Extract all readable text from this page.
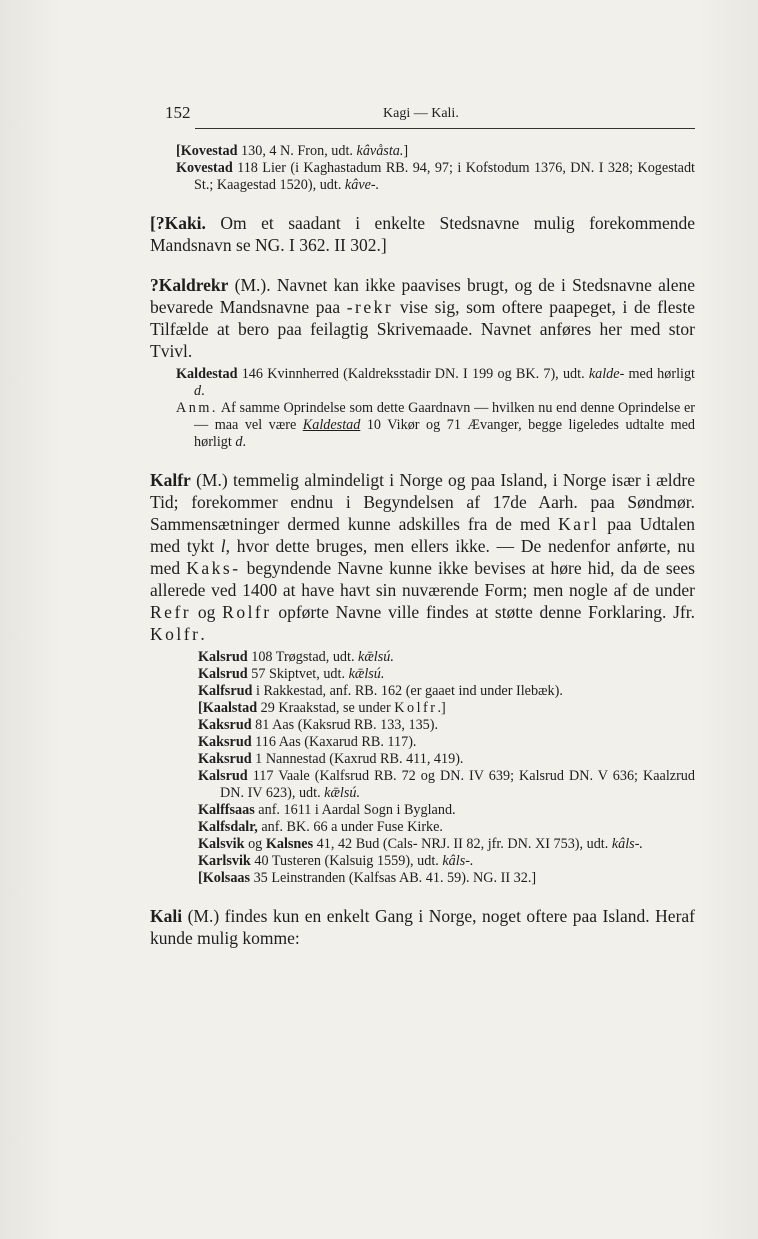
152	Kagi — Kali.

[Kovestad 130, 4 N. Fron, udt. kâvåsta.]

Kovestad 118 Lier (i Kaghastadum RB. 94, 97; i Kofstodum 1376, DN. I 328; Kogestadt St.; Kaagestad 1520), udt. kâve-.

[?Kaki. Om et saadant i enkelte Stedsnavne mulig forekommende Mandsnavn se NG. I 362. II 302.]

?Kaldrekr (M.). Navnet kan ikke paavises brugt, og de i Stedsnavne alene bevarede Mandsnavne paa -rekr vise sig, som oftere paapeget, i de fleste Tilfælde at bero paa feilagtig Skrivemaade. Navnet anføres her med stor Tvivl.

Kaldestad 146 Kvinnherred (Kaldreksstadir DN. I 199 og BK. 7), udt. kalde- med hørligt d.

Anm. Af samme Oprindelse som dette Gaardnavn — hvilken nu end denne Oprindelse er — maa vel være Kaldestad 10 Vikør og 71 Ævanger, begge ligeledes udtalte med hørligt d.

Kalfr (M.) temmelig almindeligt i Norge og paa Island, i Norge især i ældre Tid; forekommer endnu i Begyndelsen af 17de Aarh. paa Søndmør. Sammensætninger dermed kunne adskilles fra de med Karl paa Udtalen med tykt l, hvor dette bruges, men ellers ikke. — De nedenfor anførte, nu med Kaks- begyndende Navne kunne ikke bevises at høre hid, da de sees allerede ved 1400 at have havt sin nuværende Form; men nogle af de under Refr og Rolfr opførte Navne ville findes at støtte denne Forklaring. Jfr. Kolfr.

Kalsrud 108 Trøgstad, udt. kǣlsú.

Kalsrud 57 Skiptvet, udt. kǣlsú.

Kalfsrud i Rakkestad, anf. RB. 162 (er gaaet ind under Ilebæk).

[Kaalstad 29 Kraakstad, se under Kolfr.]

Kaksrud 81 Aas (Kaksrud RB. 133, 135).

Kaksrud 116 Aas (Kaxarud RB. 117).

Kaksrud 1 Nannestad (Kaxrud RB. 411, 419).

Kalsrud 117 Vaale (Kalfsrud RB. 72 og DN. IV 639; Kalsrud DN. V 636; Kaalzrud DN. IV 623), udt. kǣlsú.

Kalffsaas anf. 1611 i Aardal Sogn i Bygland.

Kalfsdalr, anf. BK. 66 a under Fuse Kirke.

Kalsvik og Kalsnes 41, 42 Bud (Cals- NRJ. II 82, jfr. DN. XI 753), udt. kâls-.

Karlsvik 40 Tusteren (Kalsuig 1559), udt. kâls-.

[Kolsaas 35 Leinstranden (Kalfsas AB. 41. 59). NG. II 32.]

Kali (M.) findes kun en enkelt Gang i Norge, noget oftere paa Island. Heraf kunde mulig komme:
